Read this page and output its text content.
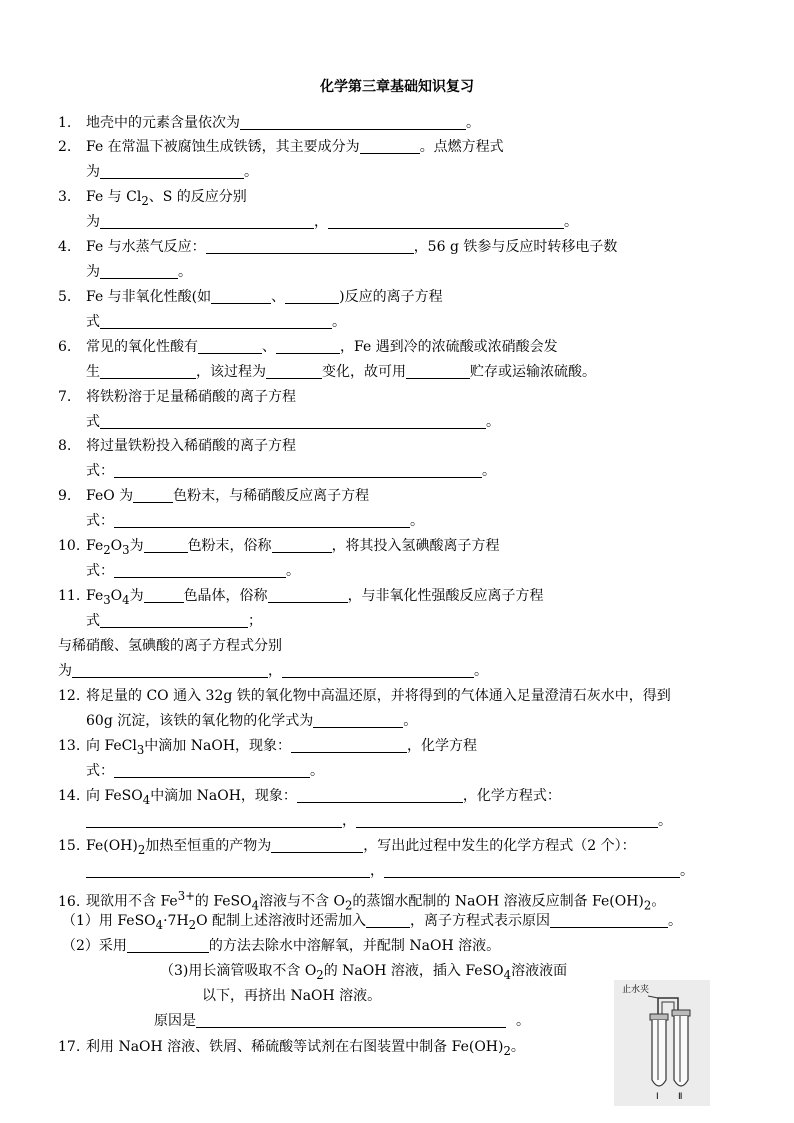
化学第三章基础知识复习
1. 地壳中的元素含量依次为	。
2. Fe 在常温下被腐蚀生成铁锈，其主要成分为	。点燃方程式
为	。
3. Fe 与 $Cl_2$、S 的反应分别
为	，	。
4. Fe 与水蒸气反应：	，56 g 铁参与反应时转移电子数
为	。
5. Fe 与非氧化性酸(如	、	)反应的离子方程
式	。
6. 常见的氧化性酸有	、	，Fe 遇到冷的浓硫酸或浓硝酸会发
生	，该过程为	变化，故可用	贮存或运输浓硫酸。
7. 将铁粉溶于足量稀硝酸的离子方程
式	。
8. 将过量铁粉投入稀硝酸的离子方程
式：	。
9. FeO 为	色粉末，与稀硝酸反应离子方程
式：	。
10. $Fe_2O_3$为	色粉末，俗称	，将其投入氢碘酸离子方程
式：	。
11. $Fe_3O_4$为	色晶体，俗称	，与非氧化性强酸反应离子方程
式	；
与稀硝酸、氢碘酸的离子方程式分别
为	，	。
12. 将足量的 CO 通入 32g 铁的氧化物中高温还原，并将得到的气体通入足量澄清石灰水中，得到
60g 沉淀，该铁的氧化物的化学式为	。
13. 向 FeCl$_3$中滴加 NaOH，现象：	，化学方程
式：	。
14. 向 FeSO$_4$中滴加 NaOH，现象：	，化学方程式：
，	。
15. $Fe(OH)_2$加热至恒重的产物为	，写出此过程中发生的化学方程式（2 个）：
，	。
16. 现欲用不含 $Fe^{3+}$的 FeSO$_4$溶液与不含 $O_2$的蒸馏水配制的 NaOH 溶液反应制备 $Fe(OH)_2$。
（1）用 $FeSO_4\cdot 7H_2O$ 配制上述溶液时还需加入	，离子方程式表示原因	。
（2）采用	的方法去除水中溶解氧，并配制 NaOH 溶液。
（3)用长滴管吸取不含 $O_2$的 NaOH 溶液，插入 FeSO$_4$溶液液面
以下，再挤出 NaOH 溶液。
原因是	。
17. 利用 NaOH 溶液、铁屑、稀硫酸等试剂在右图装置中制备 $Fe(OH)_2$。
止水夹
Ⅰ Ⅱ
